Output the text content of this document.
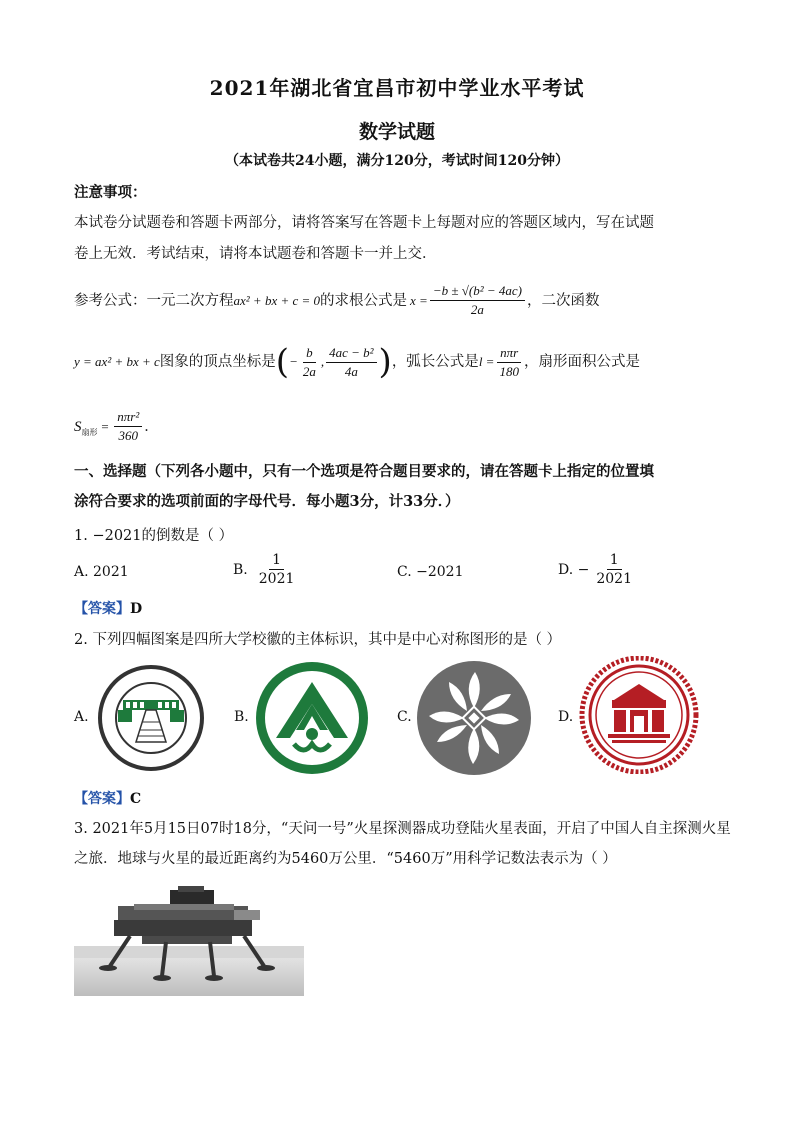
2021年湖北省宜昌市初中学业水平考试
数学试题
（本试卷共24小题，满分120分，考试时间120分钟）
注意事项：
本试卷分试题卷和答题卡两部分，请将答案写在答题卡上每题对应的答题区域内，写在试题
卷上无效．考试结束，请将本试题卷和答题卡一并上交．
参考公式：一元二次方程 ax² + bx + c = 0 的求根公式是 $x = \frac{\text{−b ± √(b² − 4ac)}}{2a}$ ，二次函数
y = ax² + bx + c 图象的顶点坐标是 ( − $\frac{b}{2a}$ , $\frac{\text{4ac − b²}}{4a}$ ) ，弧长公式是 $l = \frac{\text{nπr}}{180}$ ，扇形面积公式是
S 扇形 = $\frac{\text{nπr²}}{360}$ ．
一、选择题（下列各小题中，只有一个选项是符合题目要求的，请在答题卡上指定的位置填
涂符合要求的选项前面的字母代号．每小题3分，计33分．）
1. −2021的倒数是（ ）
A. 2021	B. $\frac{1}{2021}$	C. −2021	D. − $\frac{1}{2021}$
【答案】D
2. 下列四幅图案是四所大学校徽的主体标识，其中是中心对称图形的是（ ）
A.	B.	C.	D.
【答案】C
3. 2021年5月15日07时18分，“天问一号”火星探测器成功登陆火星表面，开启了中国人自主探测火星
之旅．地球与火星的最近距离约为5460万公里．“5460万”用科学记数法表示为（ ）
